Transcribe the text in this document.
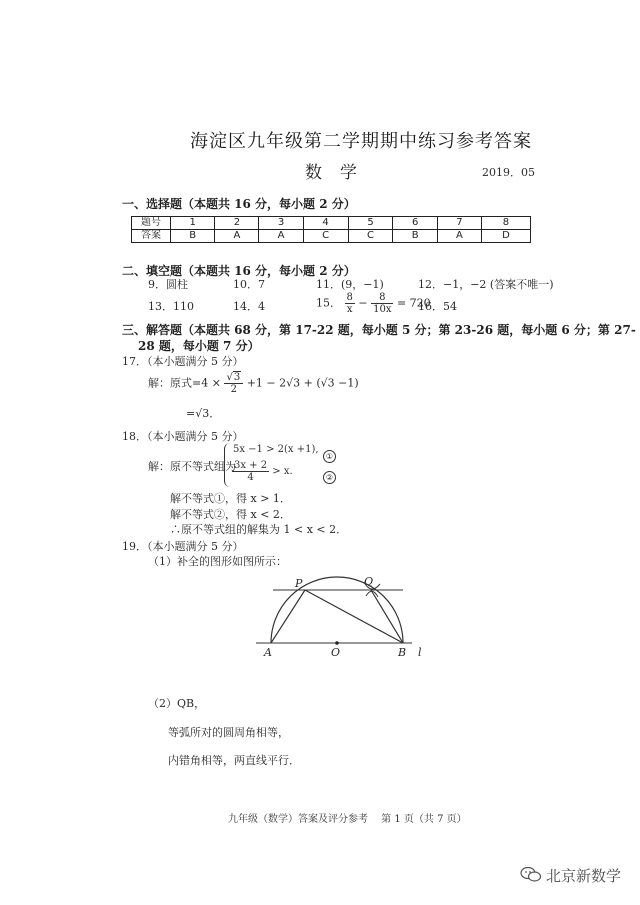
海淀区九年级第二学期期中练习参考答案
数学	2019．05
一、选择题（本题共 16 分，每小题 2 分）
题号	1	2	3	4	5	6	7	8
答案	B	A	A	C	C	B	A	D
二、填空题（本题共 16 分，每小题 2 分）
9．圆柱	10．7	11．(9，−1)	12．−1，−2 (答案不唯一)
13．110	14．4	15． $\frac{8}{x} - \frac{8}{10x} = 720$
16．54
三、解答题（本题共 68 分，第 17-22 题，每小题 5 分；第 23-26 题，每小题 6 分；第 27-
28 题，每小题 7 分）
17．（本小题满分 5 分）
解：原式$=4 \times \frac{√3}{2} +1 - 2√3 + (√3 -1)$
=√3．
18．（本小题满分 5 分）
解：原不等式组为
5x −1 > 2(x +1),
$\frac{3x + 2}{4} > x$.
①
②
解不等式①，得 x > 1．
解不等式②，得 x < 2．
∴原不等式组的解集为 1 < x < 2．
19．（本小题满分 5 分）
（1）补全的图形如图所示：
P	Q
A	O	B l
（2）QB，
等弧所对的圆周角相等，
内错角相等，两直线平行．
九年级（数学）答案及评分参考　 第 1 页（共 7 页）
北京新数学
